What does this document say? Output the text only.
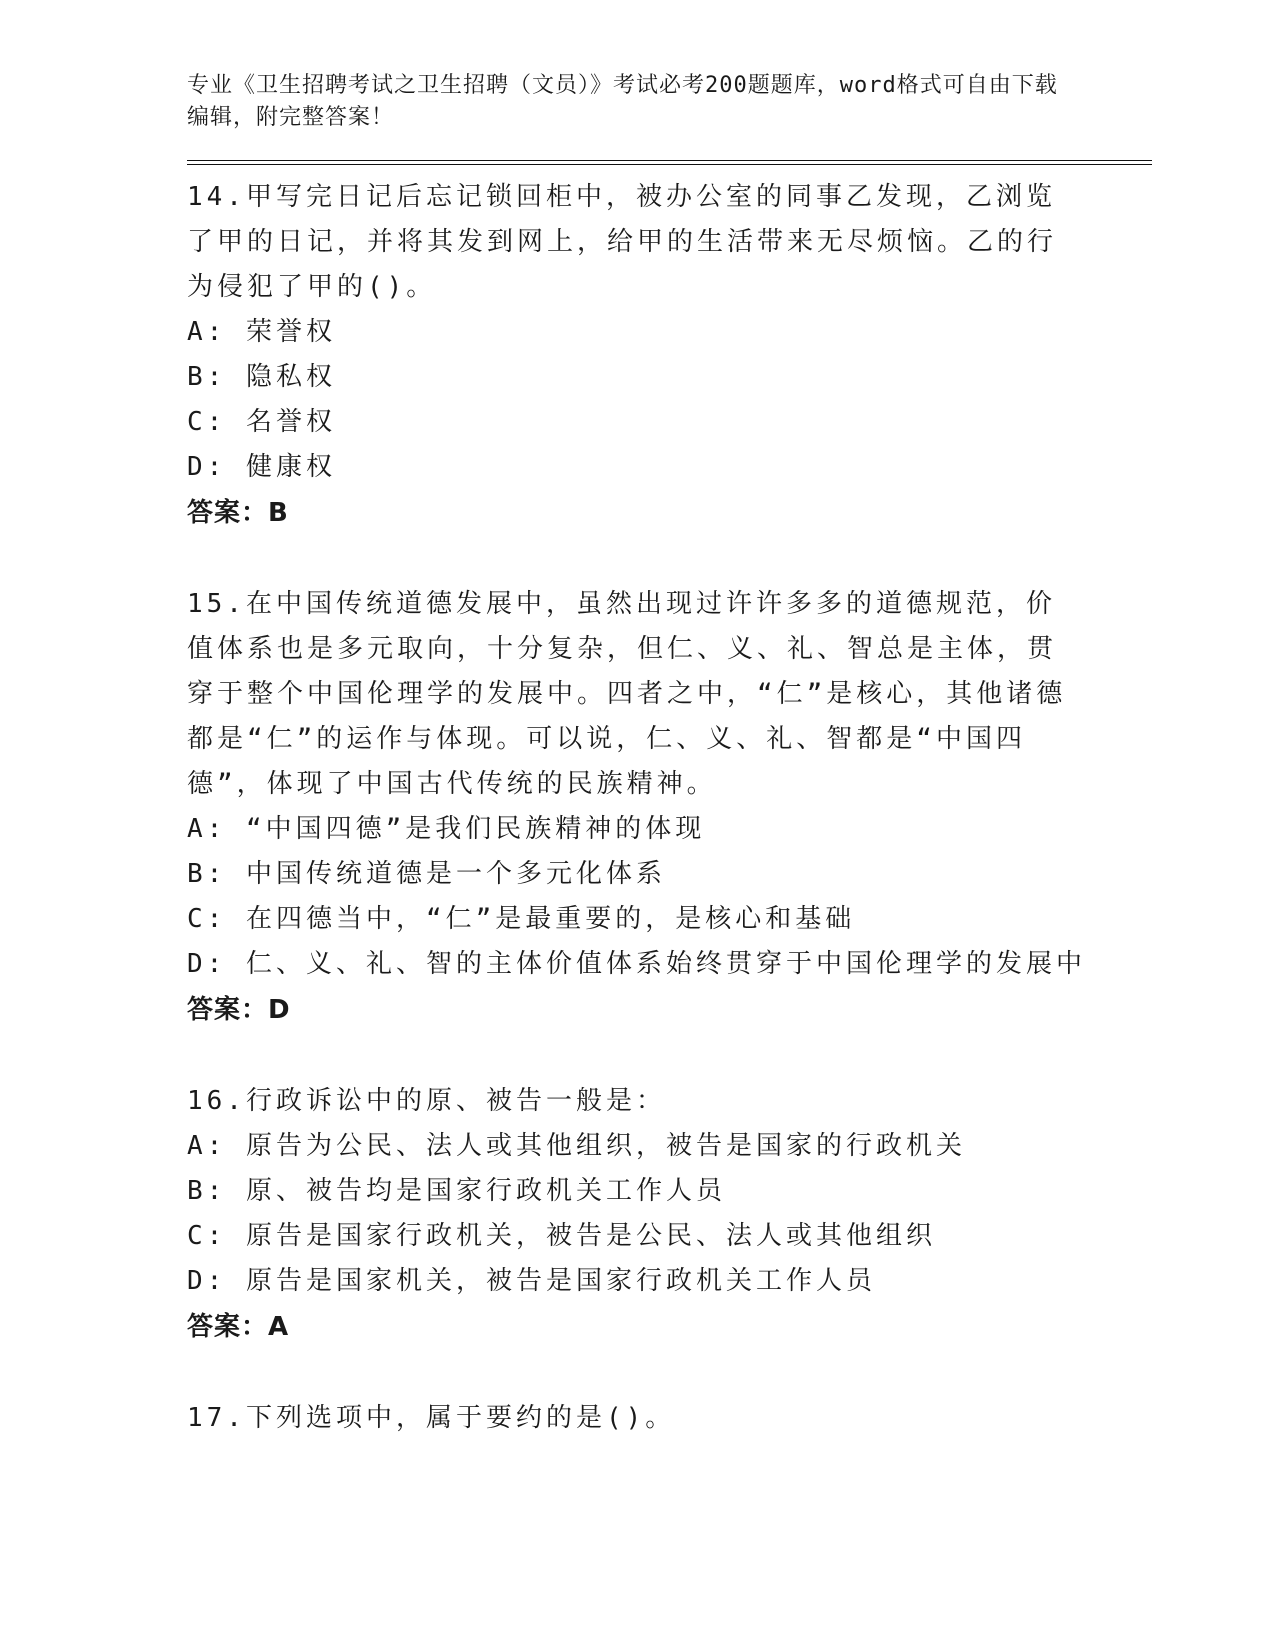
专业《卫生招聘考试之卫生招聘（文员）》考试必考200题题库，word格式可自由下载编辑，附完整答案！

14.甲写完日记后忘记锁回柜中，被办公室的同事乙发现，乙浏览了甲的日记，并将其发到网上，给甲的生活带来无尽烦恼。乙的行为侵犯了甲的()。

A: 荣誉权

B: 隐私权

C: 名誉权

D: 健康权

答案：B

15.在中国传统道德发展中，虽然出现过许许多多的道德规范，价值体系也是多元取向，十分复杂，但仁、义、礼、智总是主体，贯穿于整个中国伦理学的发展中。四者之中，“仁”是核心，其他诸德都是“仁”的运作与体现。可以说，仁、义、礼、智都是“中国四德”，体现了中国古代传统的民族精神。

A: “中国四德”是我们民族精神的体现

B: 中国传统道德是一个多元化体系

C: 在四德当中，“仁”是最重要的，是核心和基础

D: 仁、义、礼、智的主体价值体系始终贯穿于中国伦理学的发展中

答案：D

16.行政诉讼中的原、被告一般是：

A: 原告为公民、法人或其他组织，被告是国家的行政机关

B: 原、被告均是国家行政机关工作人员

C: 原告是国家行政机关，被告是公民、法人或其他组织

D: 原告是国家机关，被告是国家行政机关工作人员

答案：A

17.下列选项中，属于要约的是()。
